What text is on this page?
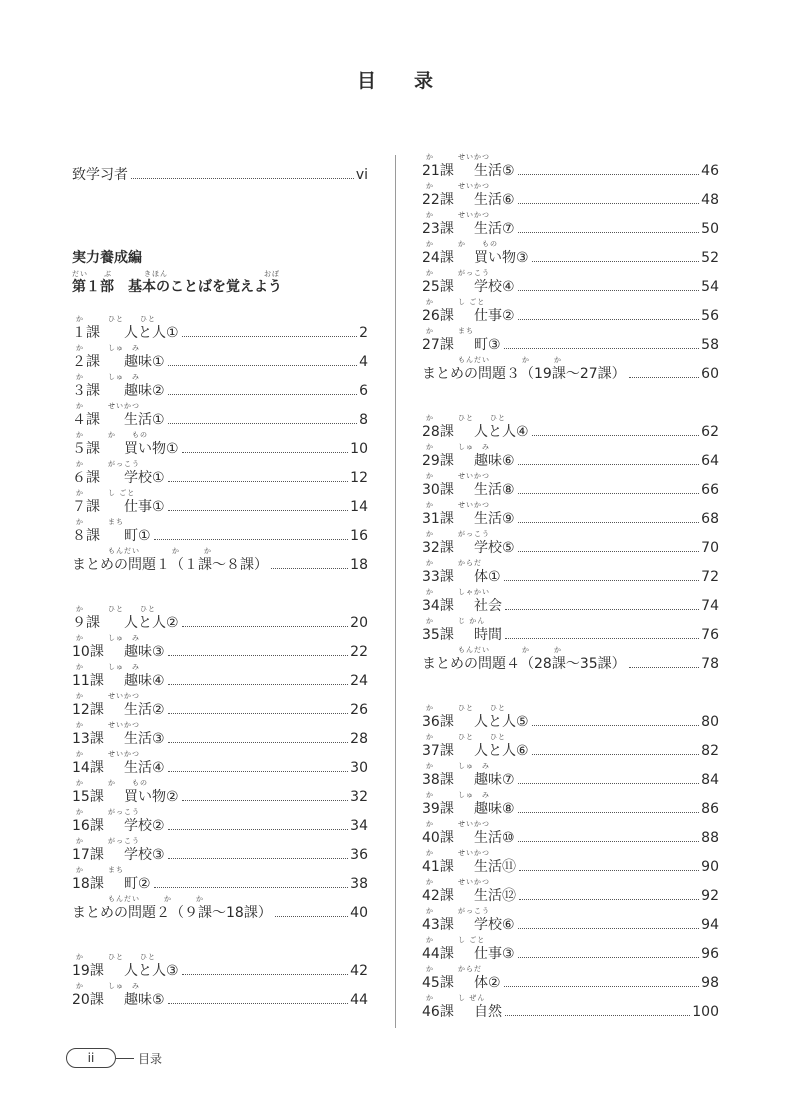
目　　录
致学习者	vi
実力養成編
だい　　ぶ　　　　きほん　　　　　　　　　　　　おぼ
第１部　基本のことばを覚えよう
か　　　ひと　　ひと
１課	人と人①	2
か　　　しゅ　み
２課	趣味①	4
か　　　しゅ　み
３課	趣味②	6
か　　　せいかつ
４課	生活①	8
か　　　か　　もの
５課	買い物①	10
か　　　がっこう
６課	学校①	12
か　　　し ごと
７課	仕事①	14
か　　　まち
８課	町①	16
　　　　もんだい　　　　か　　　か
まとめの問題１（１課～８課）	18
か　　　ひと　　ひと
９課	人と人②	20
か　　　しゅ　み
10課	趣味③	22
か　　　しゅ　み
11課	趣味④	24
か　　　せいかつ
12課	生活②	26
か　　　せいかつ
13課	生活③	28
か　　　せいかつ
14課	生活④	30
か　　　か　　もの
15課	買い物②	32
か　　　がっこう
16課	学校②	34
か　　　がっこう
17課	学校③	36
か　　　まち
18課	町②	38
　　　　もんだい　　　か　　　か
まとめの問題２（９課～18課）	40
か　　　ひと　　ひと
19課	人と人③	42
か　　　しゅ　み
20課	趣味⑤	44
か　　　せいかつ
21課	生活⑤	46
か　　　せいかつ
22課	生活⑥	48
か　　　せいかつ
23課	生活⑦	50
か　　　か　　もの
24課	買い物③	52
か　　　がっこう
25課	学校④	54
か　　　し ごと
26課	仕事②	56
か　　　まち
27課	町③	58
　　　　もんだい　　　　か　　　か
まとめの問題３（19課～27課）	60
か　　　ひと　　ひと
28課	人と人④	62
か　　　しゅ　み
29課	趣味⑥	64
か　　　せいかつ
30課	生活⑧	66
か　　　せいかつ
31課	生活⑨	68
か　　　がっこう
32課	学校⑤	70
か　　　からだ
33課	体①	72
か　　　しゃかい
34課	社会	74
か　　　じ かん
35課	時間	76
　　　　もんだい　　　　か　　　か
まとめの問題４（28課～35課）	78
か　　　ひと　　ひと
36課	人と人⑤	80
か　　　ひと　　ひと
37課	人と人⑥	82
か　　　しゅ　み
38課	趣味⑦	84
か　　　しゅ　み
39課	趣味⑧	86
か　　　せいかつ
40課	生活⑩	88
か　　　せいかつ
41課	生活⑪	90
か　　　せいかつ
42課	生活⑫	92
か　　　がっこう
43課	学校⑥	94
か　　　し ごと
44課	仕事③	96
か　　　からだ
45課	体②	98
か　　　し ぜん
46課	自然	100
ii	目录
